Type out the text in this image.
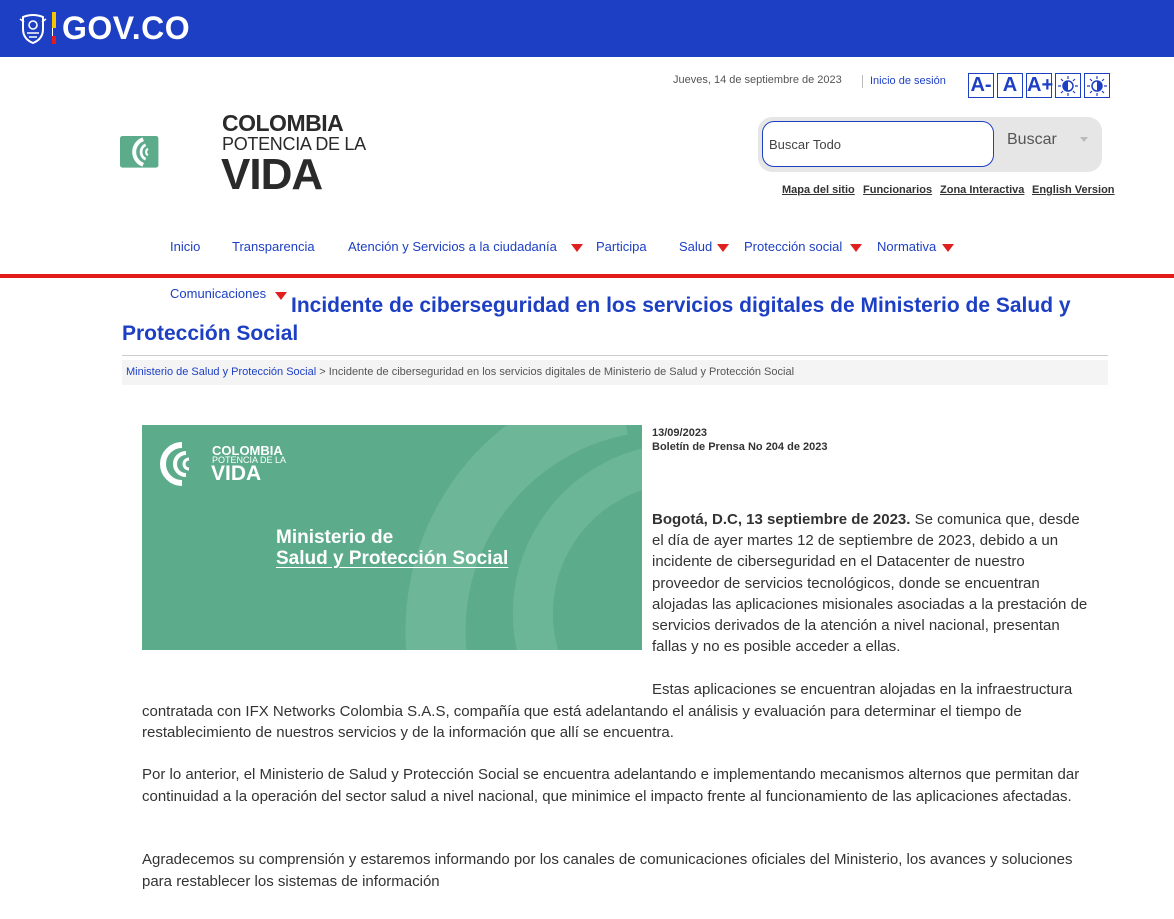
GOV.CO
Jueves, 14 de septiembre de 2023	Inicio de sesión A- A A+
COLOMBIA
POTENCIA DE LA
VIDA
Buscar Todo
Buscar
Mapa del sitio Funcionarios Zona Interactiva English Version
Inicio Transparencia	Atención y Servicios a la ciudadanía	Participa Salud Protección social	Normativa
Comunicaciones
Incidente de ciberseguridad en los servicios digitales de Ministerio de Salud y Protección Social
Ministerio de Salud y Protección Social > Incidente de ciberseguridad en los servicios digitales de Ministerio de Salud y Protección Social
COLOMBIA
POTENCIA DE LA
VIDA
Ministerio de
Salud y Protección Social
13/09/2023
Boletín de Prensa No 204 de 2023

Bogotá, D.C, 13 septiembre de 2023. Se comunica que, desde el día de ayer martes 12 de septiembre de 2023, debido a un incidente de ciberseguridad en el Datacenter de nuestro proveedor de servicios tecnológicos, donde se encuentran alojadas las aplicaciones misionales asociadas a la prestación de servicios derivados de la atención a nivel nacional, presentan fallas y no es posible acceder a ellas.

Estas aplicaciones se encuentran alojadas en la infraestructura contratada con IFX Networks Colombia S.A.S, compañía que está adelantando el análisis y evaluación para determinar el tiempo de restablecimiento de nuestros servicios y de la información que allí se encuentra.

Por lo anterior, el Ministerio de Salud y Protección Social se encuentra adelantando e implementando mecanismos alternos que permitan dar continuidad a la operación del sector salud a nivel nacional, que minimice el impacto frente al funcionamiento de las aplicaciones afectadas.

Agradecemos su comprensión y estaremos informando por los canales de comunicaciones oficiales del Ministerio, los avances y soluciones para restablecer los sistemas de información
